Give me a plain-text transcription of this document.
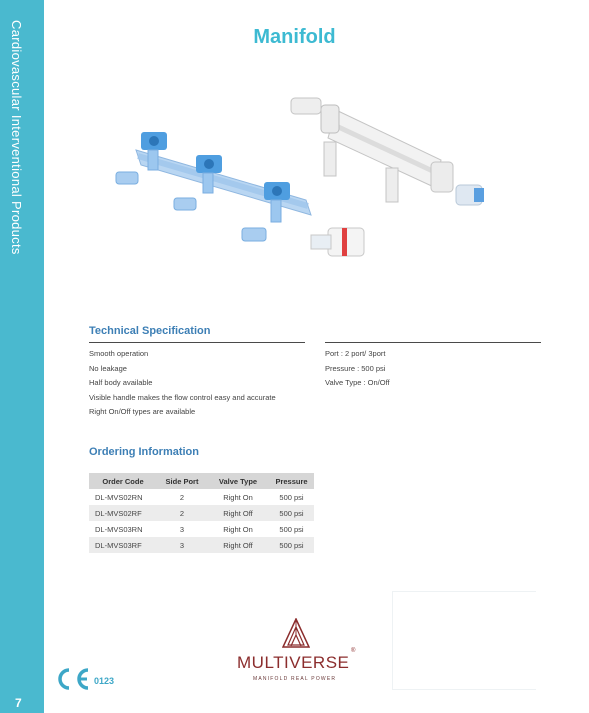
Cardiovascular Interventional Products
7
Manifold
Technical Specification
Smooth operation
No leakage
Half body available
Visible handle makes the flow control easy and accurate
Right On/Off types are available
Port : 2 port/ 3port
Pressure : 500 psi
Valve Type : On/Off
Ordering Information
Order Code	Side Port	Valve Type	Pressure
DL-MVS02RN	2	Right On	500 psi
DL-MVS02RF	2	Right Off	500 psi
DL-MVS03RN	3	Right On	500 psi
DL-MVS03RF	3	Right Off	500 psi
0123
MULTIVERSE
®
MANIFOLD REAL POWER
